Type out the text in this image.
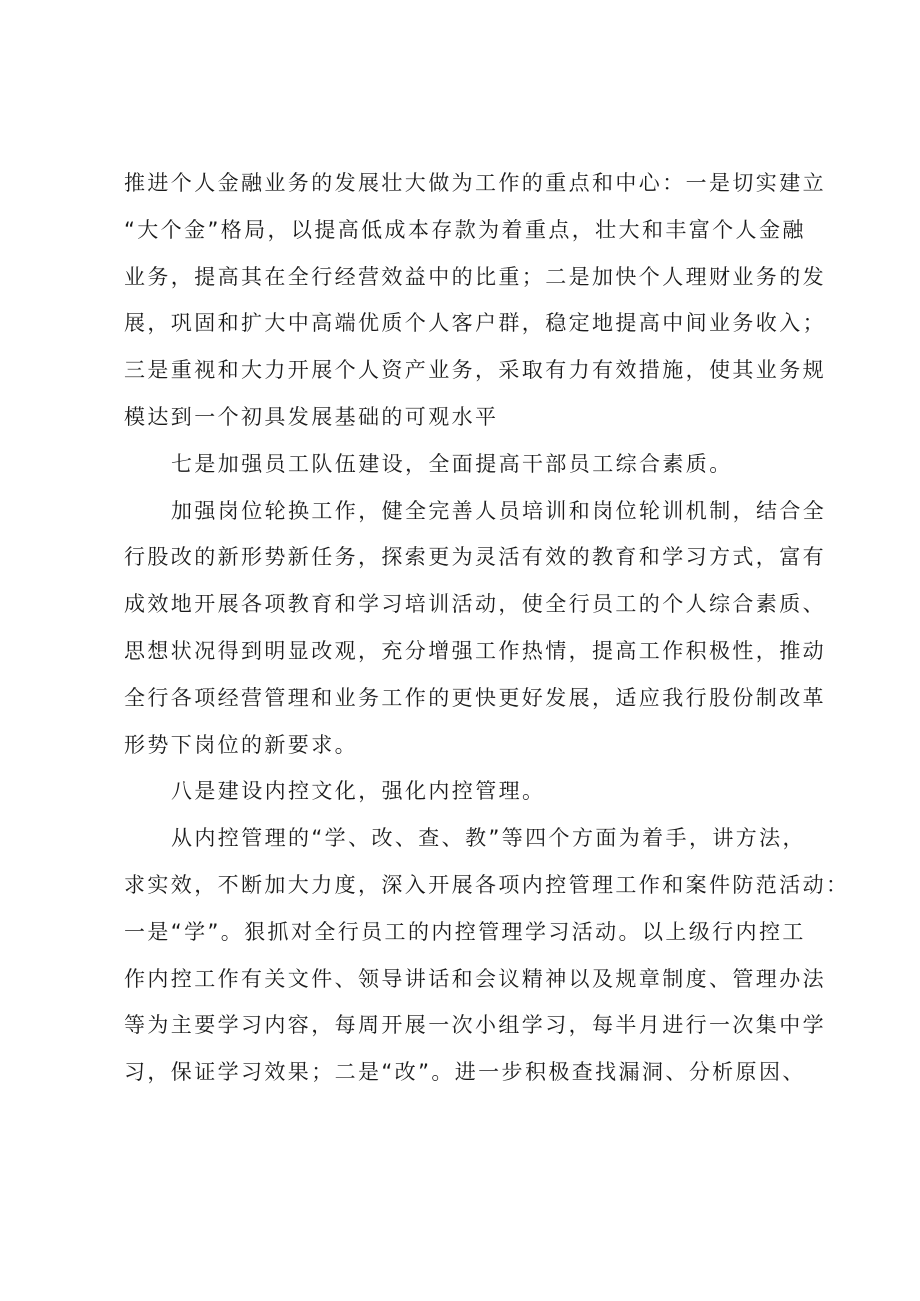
推进个人金融业务的发展壮大做为工作的重点和中心：一是切实建立

“大个金”格局，以提高低成本存款为着重点，壮大和丰富个人金融

业务，提高其在全行经营效益中的比重；二是加快个人理财业务的发

展，巩固和扩大中高端优质个人客户群，稳定地提高中间业务收入；

三是重视和大力开展个人资产业务，采取有力有效措施，使其业务规

模达到一个初具发展基础的可观水平

七是加强员工队伍建设，全面提高干部员工综合素质。

加强岗位轮换工作，健全完善人员培训和岗位轮训机制，结合全

行股改的新形势新任务，探索更为灵活有效的教育和学习方式，富有

成效地开展各项教育和学习培训活动，使全行员工的个人综合素质、

思想状况得到明显改观，充分增强工作热情，提高工作积极性，推动

全行各项经营管理和业务工作的更快更好发展，适应我行股份制改革

形势下岗位的新要求。

八是建设内控文化，强化内控管理。

从内控管理的“学、改、查、教”等四个方面为着手，讲方法，

求实效，不断加大力度，深入开展各项内控管理工作和案件防范活动：

一是“学”。狠抓对全行员工的内控管理学习活动。以上级行内控工

作内控工作有关文件、领导讲话和会议精神以及规章制度、管理办法

等为主要学习内容，每周开展一次小组学习，每半月进行一次集中学

习，保证学习效果；二是“改”。进一步积极查找漏洞、分析原因、
